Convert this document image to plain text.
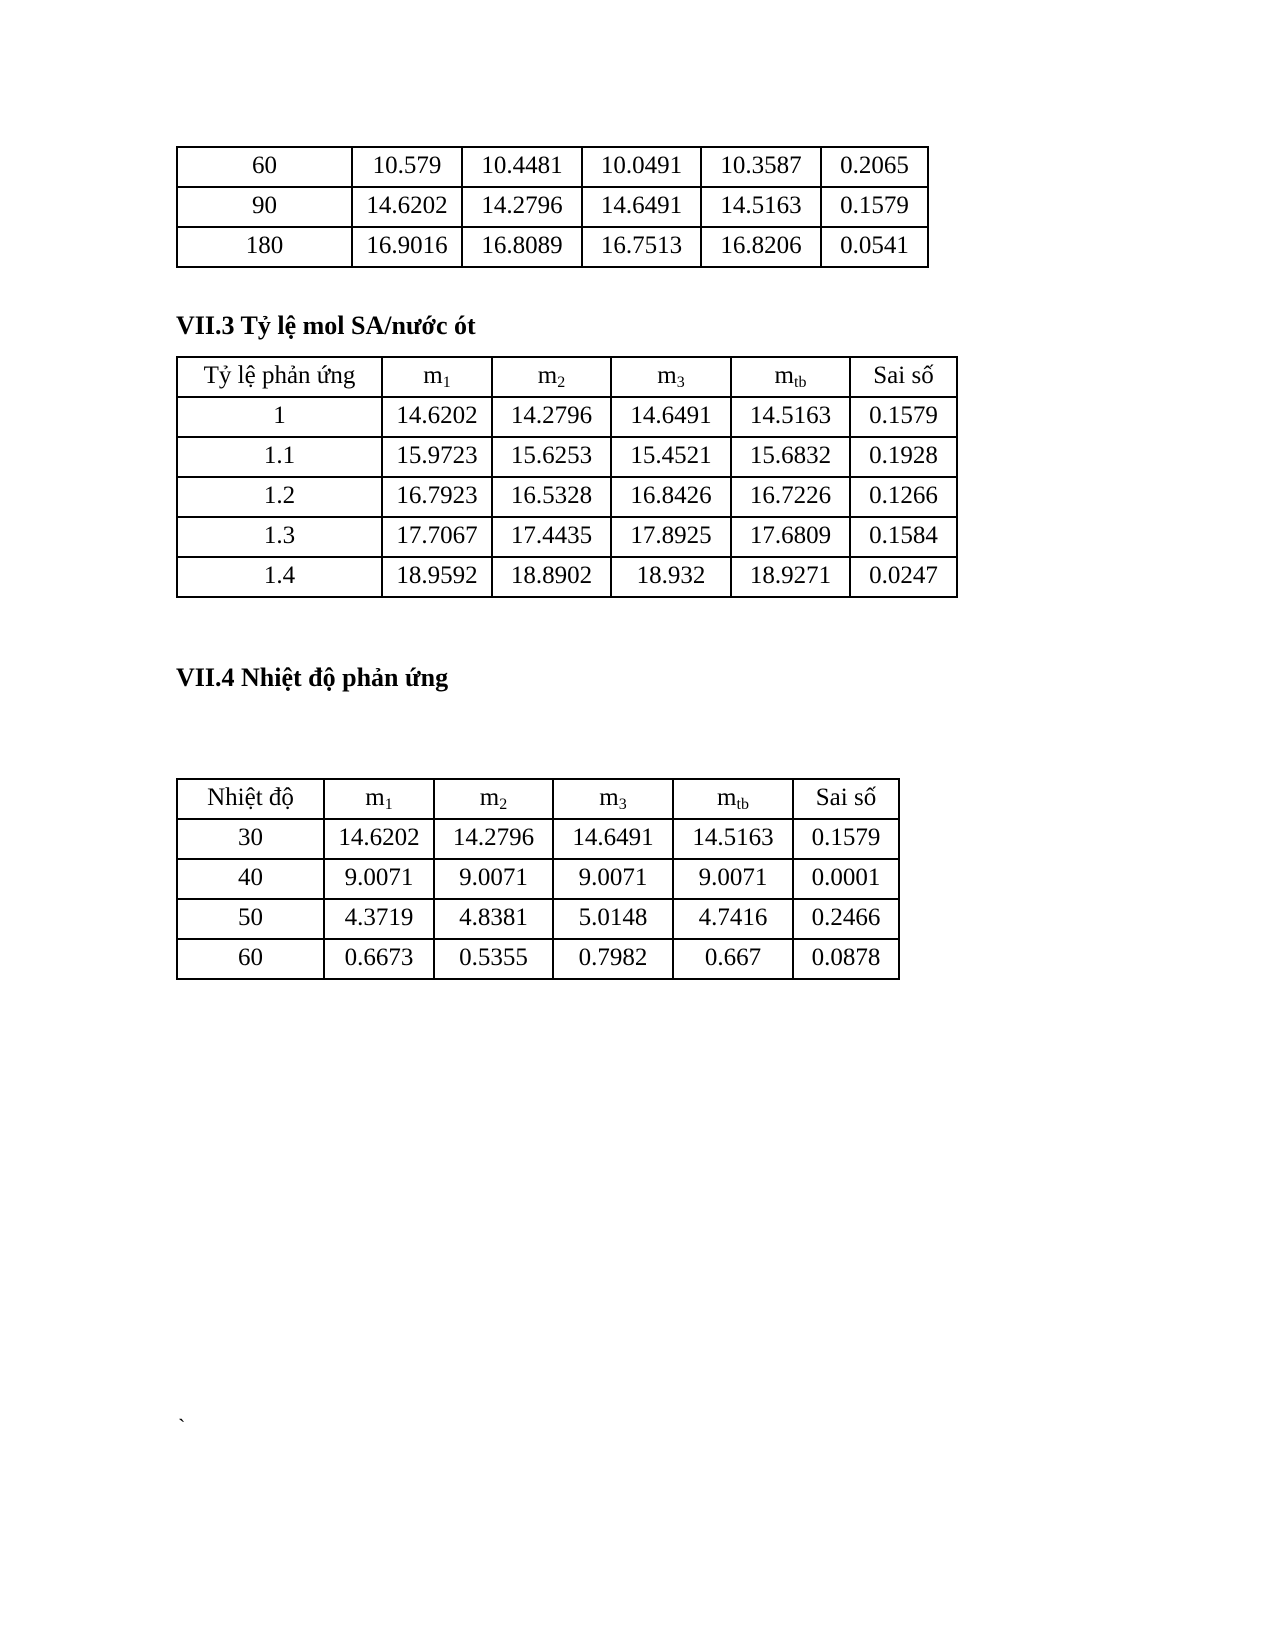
60	10.579	10.4481	10.0491	10.3587	0.2065
90	14.6202	14.2796	14.6491	14.5163	0.1579
180	16.9016	16.8089	16.7513	16.8206	0.0541
VII.3 Tỷ lệ mol SA/nước ót
Tỷ lệ phản ứng	$m_1$	$m_2$	$m_3$	$m_{tb}$	Sai số
1	14.6202	14.2796	14.6491	14.5163	0.1579
1.1	15.9723	15.6253	15.4521	15.6832	0.1928
1.2	16.7923	16.5328	16.8426	16.7226	0.1266
1.3	17.7067	17.4435	17.8925	17.6809	0.1584
1.4	18.9592	18.8902	18.932	18.9271	0.0247
VII.4 Nhiệt độ phản ứng
Nhiệt độ	$m_1$	$m_2$	$m_3$	$m_{tb}$	Sai số
30	14.6202	14.2796	14.6491	14.5163	0.1579
40	9.0071	9.0071	9.0071	9.0071	0.0001
50	4.3719	4.8381	5.0148	4.7416	0.2466
60	0.6673	0.5355	0.7982	0.667	0.0878
`
